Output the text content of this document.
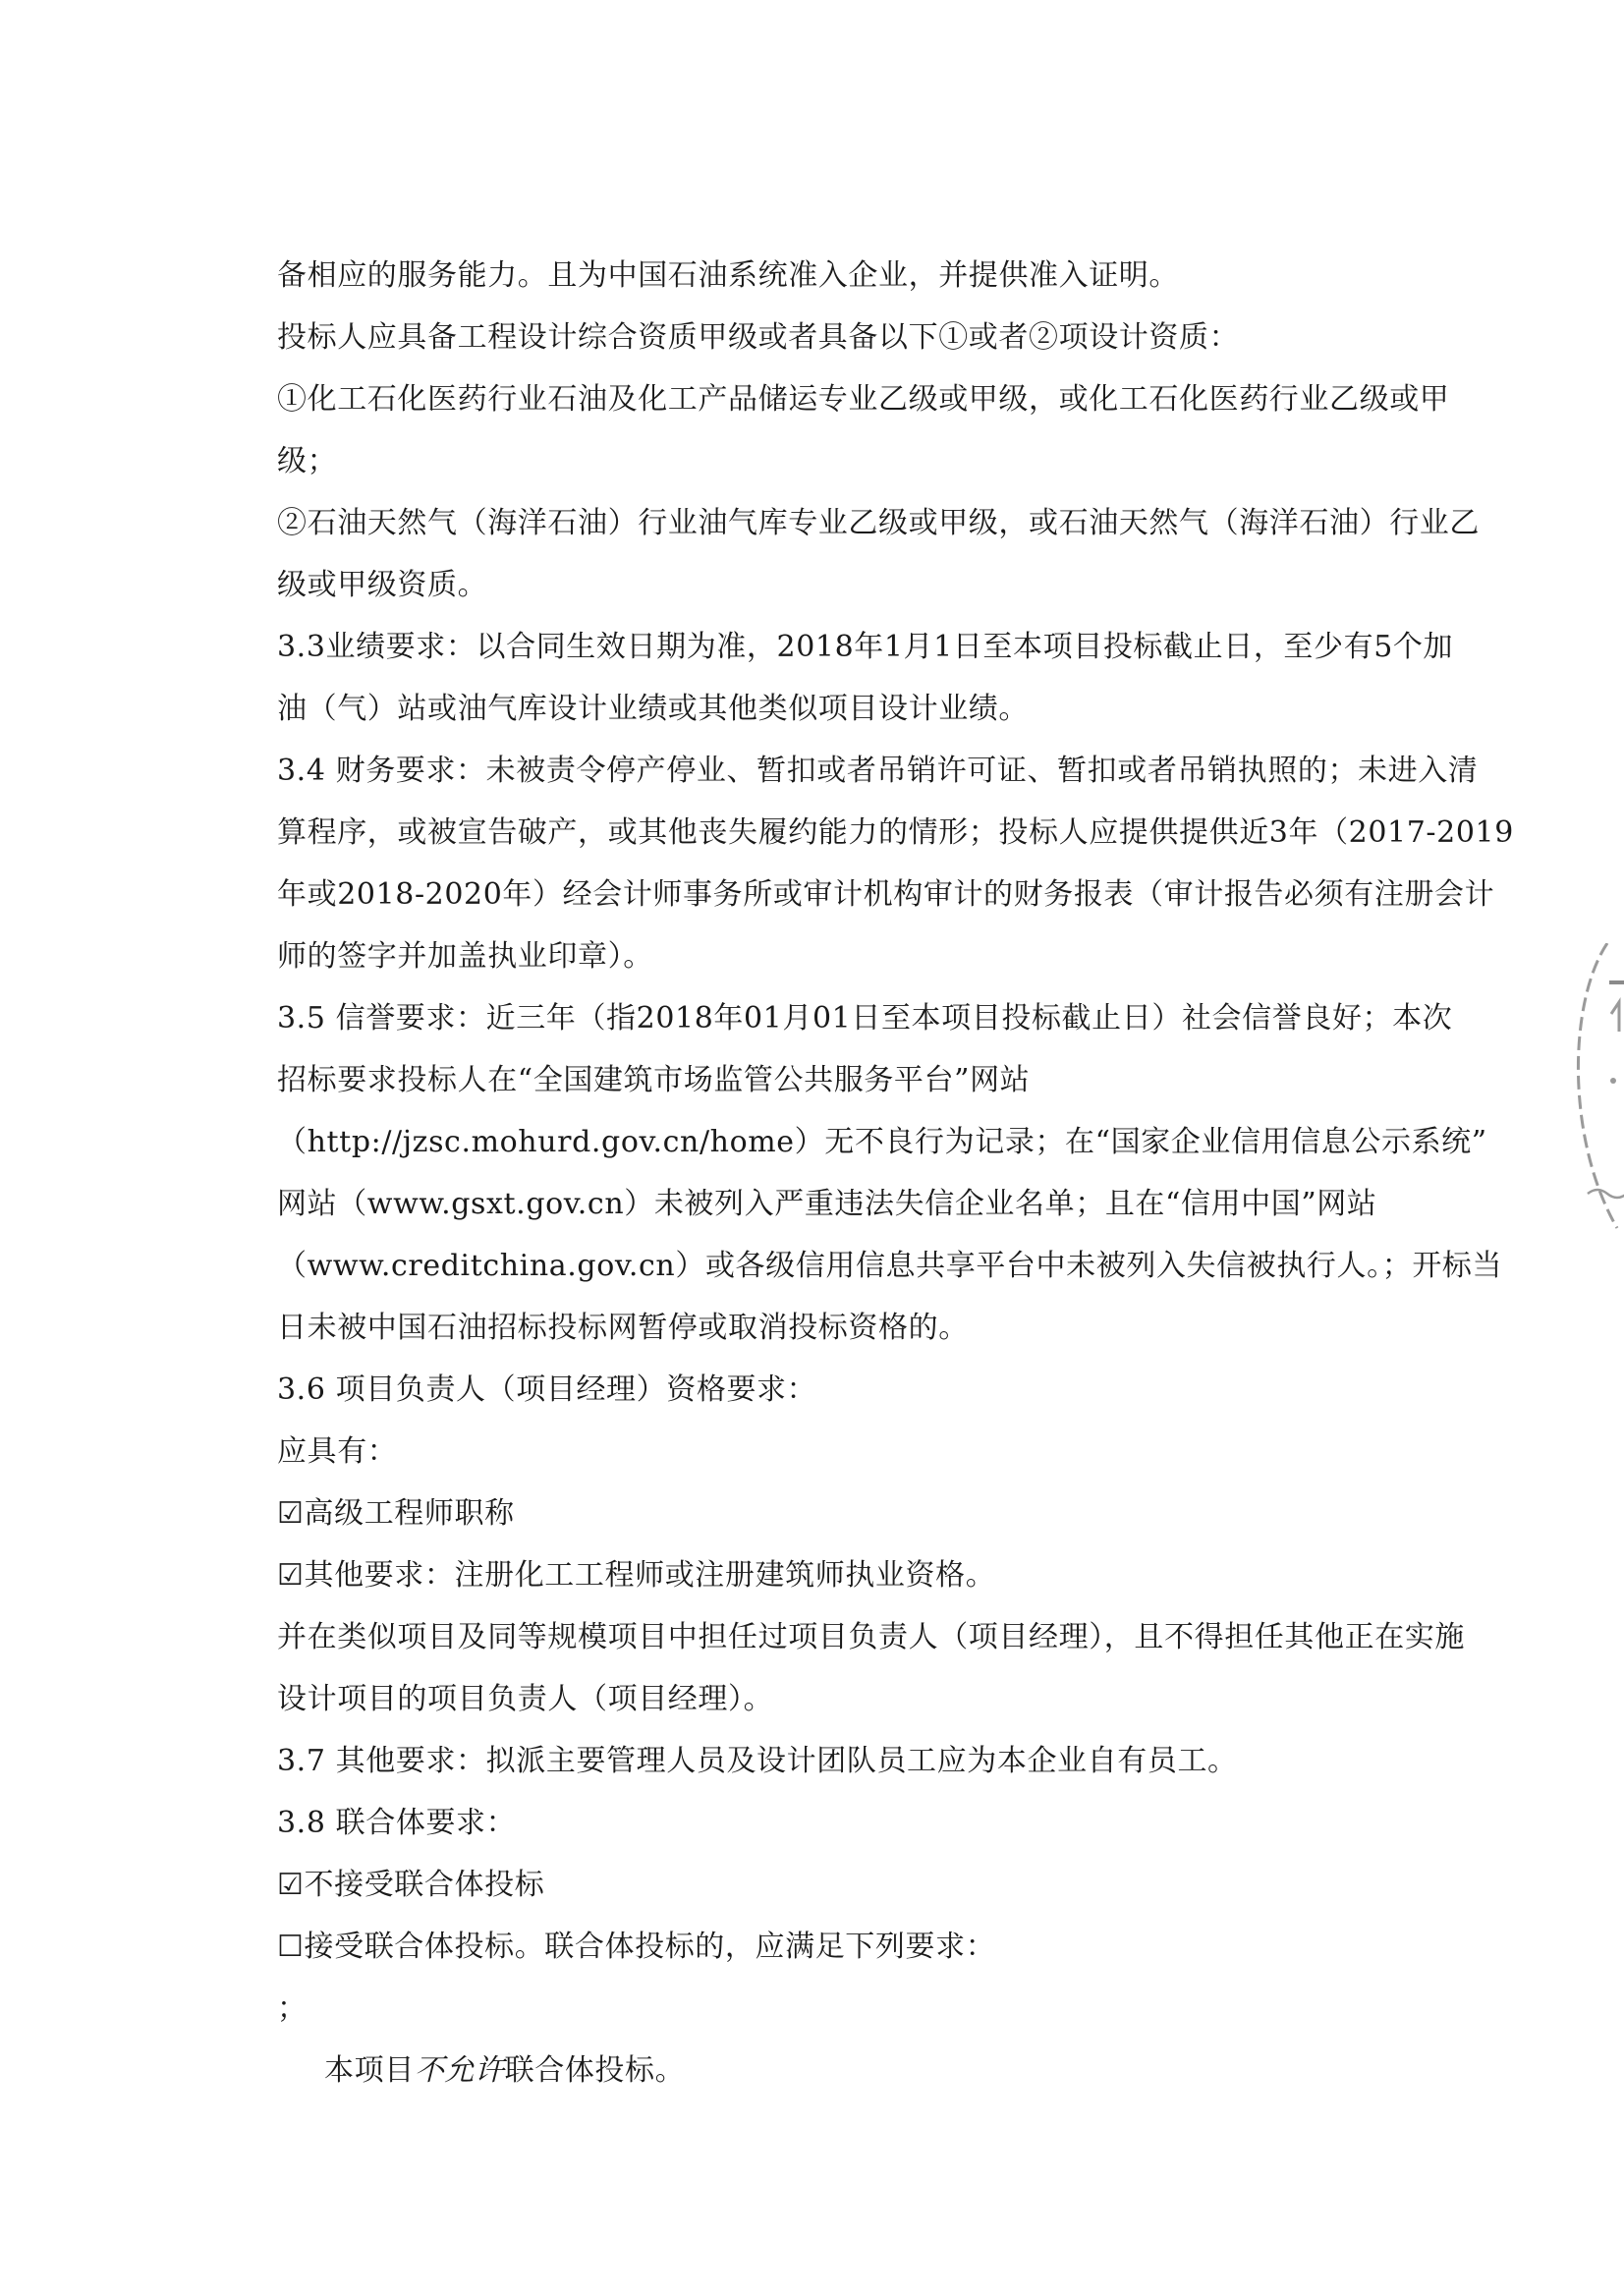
备相应的服务能力。且为中国石油系统准入企业，并提供准入证明。
投标人应具备工程设计综合资质甲级或者具备以下①或者②项设计资质：
①化工石化医药行业石油及化工产品储运专业乙级或甲级，或化工石化医药行业乙级或甲
级；
②石油天然气（海洋石油）行业油气库专业乙级或甲级，或石油天然气（海洋石油）行业乙
级或甲级资质。
3.3业绩要求：以合同生效日期为准，2018年1月1日至本项目投标截止日，至少有5个加
油（气）站或油气库设计业绩或其他类似项目设计业绩。
3.4 财务要求：未被责令停产停业、暂扣或者吊销许可证、暂扣或者吊销执照的；未进入清
算程序，或被宣告破产，或其他丧失履约能力的情形；投标人应提供提供近3年（2017-2019
年或2018-2020年）经会计师事务所或审计机构审计的财务报表（审计报告必须有注册会计
师的签字并加盖执业印章）。
3.5 信誉要求：近三年（指2018年01月01日至本项目投标截止日）社会信誉良好；本次
招标要求投标人在“全国建筑市场监管公共服务平台”网站
（http://jzsc.mohurd.gov.cn/home）无不良行为记录；在“国家企业信用信息公示系统”
网站（www.gsxt.gov.cn）未被列入严重违法失信企业名单；且在“信用中国”网站
（www.creditchina.gov.cn）或各级信用信息共享平台中未被列入失信被执行人。；开标当
日未被中国石油招标投标网暂停或取消投标资格的。
3.6 项目负责人（项目经理）资格要求：
应具有：
☑高级工程师职称
☑其他要求：注册化工工程师或注册建筑师执业资格。
并在类似项目及同等规模项目中担任过项目负责人（项目经理），且不得担任其他正在实施
设计项目的项目负责人（项目经理）。
3.7 其他要求：拟派主要管理人员及设计团队员工应为本企业自有员工。
3.8 联合体要求：
☑不接受联合体投标
☐接受联合体投标。联合体投标的，应满足下列要求：
；
本项目不允许联合体投标。
